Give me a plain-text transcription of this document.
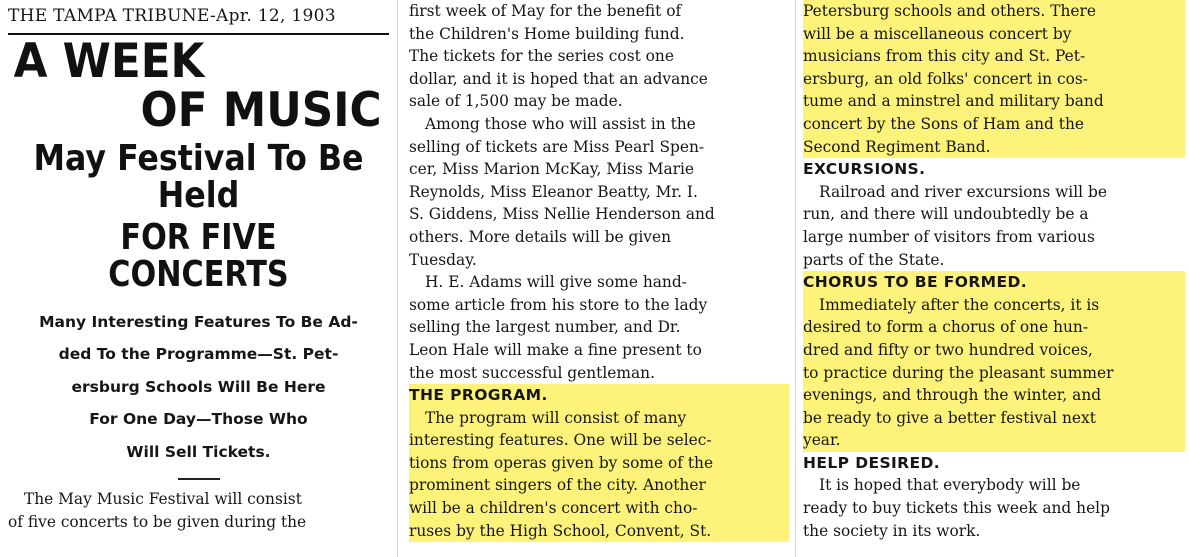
THE TAMPA TRIBUNE-Apr. 12, 1903

A WEEK
OF MUSIC
May Festival To Be
Held
FOR FIVE CONCERTS
Many Interesting Features To Be Ad-
ded To the Programme—St. Pet-
ersburg Schools Will Be Here
For One Day—Those Who
Will Sell Tickets.

The May Music Festival will consist
of five concerts to be given during the

first week of May for the benefit of
the Children's Home building fund.
The tickets for the series cost one
dollar, and it is hoped that an advance
sale of 1,500 may be made.

Among those who will assist in the
selling of tickets are Miss Pearl Spen-
cer, Miss Marion McKay, Miss Marie
Reynolds, Miss Eleanor Beatty, Mr. I.
S. Giddens, Miss Nellie Henderson and
others. More details will be given
Tuesday.

H. E. Adams will give some hand-
some article from his store to the lady
selling the largest number, and Dr.
Leon Hale will make a fine present to
the most successful gentleman.

THE PROGRAM.

The program will consist of many
interesting features. One will be selec-
tions from operas given by some of the
prominent singers of the city. Another
will be a children's concert with cho-
ruses by the High School, Convent, St.

Petersburg schools and others. There
will be a miscellaneous concert by
musicians from this city and St. Pet-
ersburg, an old folks' concert in cos-
tume and a minstrel and military band
concert by the Sons of Ham and the
Second Regiment Band.

EXCURSIONS.

Railroad and river excursions will be
run, and there will undoubtedly be a
large number of visitors from various
parts of the State.

CHORUS TO BE FORMED.

Immediately after the concerts, it is
desired to form a chorus of one hun-
dred and fifty or two hundred voices,
to practice during the pleasant summer
evenings, and through the winter, and
be ready to give a better festival next
year.

HELP DESIRED.

It is hoped that everybody will be
ready to buy tickets this week and help
the society in its work.
